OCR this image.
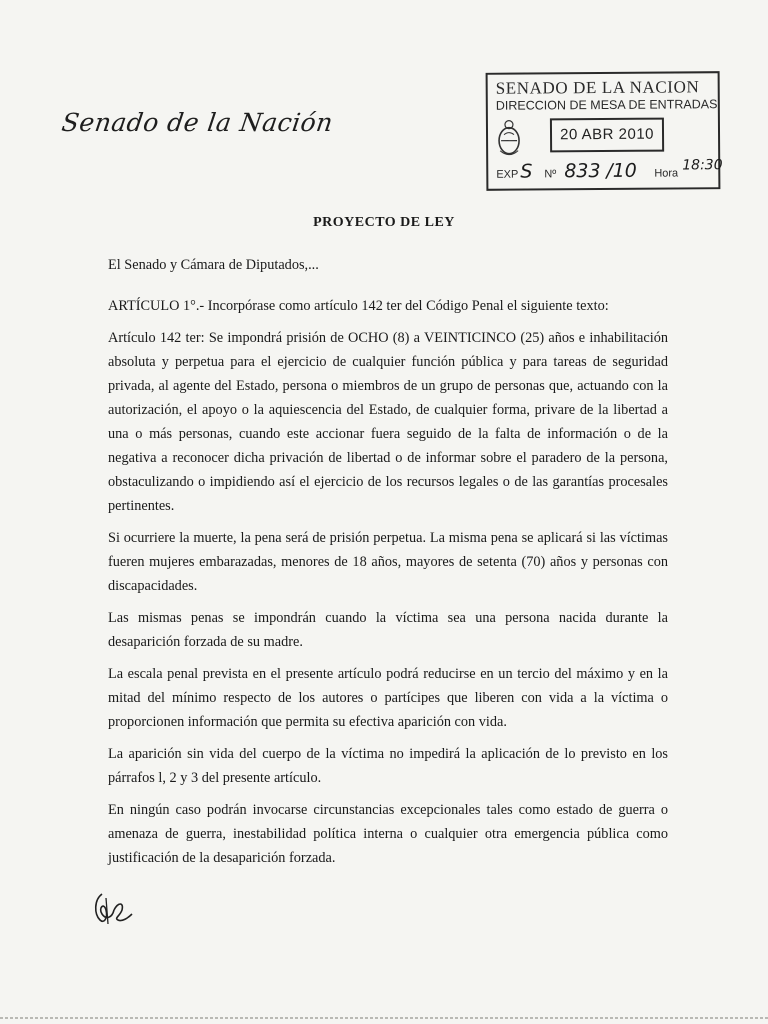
Senado de la Nación
SENADO DE LA NACION
DIRECCION DE MESA DE ENTRADAS
20 ABR 2010
EXP S Nº 833 /10 Hora
18:30
PROYECTO DE LEY
El Senado y Cámara de Diputados,...

ARTÍCULO 1°.- Incorpórase como artículo 142 ter del Código Penal el siguiente texto:

Artículo 142 ter: Se impondrá prisión de OCHO (8) a VEINTICINCO (25) años e inhabilitación absoluta y perpetua para el ejercicio de cualquier función pública y para tareas de seguridad privada, al agente del Estado, persona o miembros de un grupo de personas que, actuando con la autorización, el apoyo o la aquiescencia del Estado, de cualquier forma, privare de la libertad a una o más personas, cuando este accionar fuera seguido de la falta de información o de la negativa a reconocer dicha privación de libertad o de informar sobre el paradero de la persona, obstaculizando o impidiendo así el ejercicio de los recursos legales o de las garantías procesales pertinentes.

Si ocurriere la muerte, la pena será de prisión perpetua. La misma pena se aplicará si las víctimas fueren mujeres embarazadas, menores de 18 años, mayores de setenta (70) años y personas con discapacidades.

Las mismas penas se impondrán cuando la víctima sea una persona nacida durante la desaparición forzada de su madre.

La escala penal prevista en el presente artículo podrá reducirse en un tercio del máximo y en la mitad del mínimo respecto de los autores o partícipes que liberen con vida a la víctima o proporcionen información que permita su efectiva aparición con vida.

La aparición sin vida del cuerpo de la víctima no impedirá la aplicación de lo previsto en los párrafos l, 2 y 3 del presente artículo.

En ningún caso podrán invocarse circunstancias excepcionales tales como estado de guerra o amenaza de guerra, inestabilidad política interna o cualquier otra emergencia pública como justificación de la desaparición forzada.
